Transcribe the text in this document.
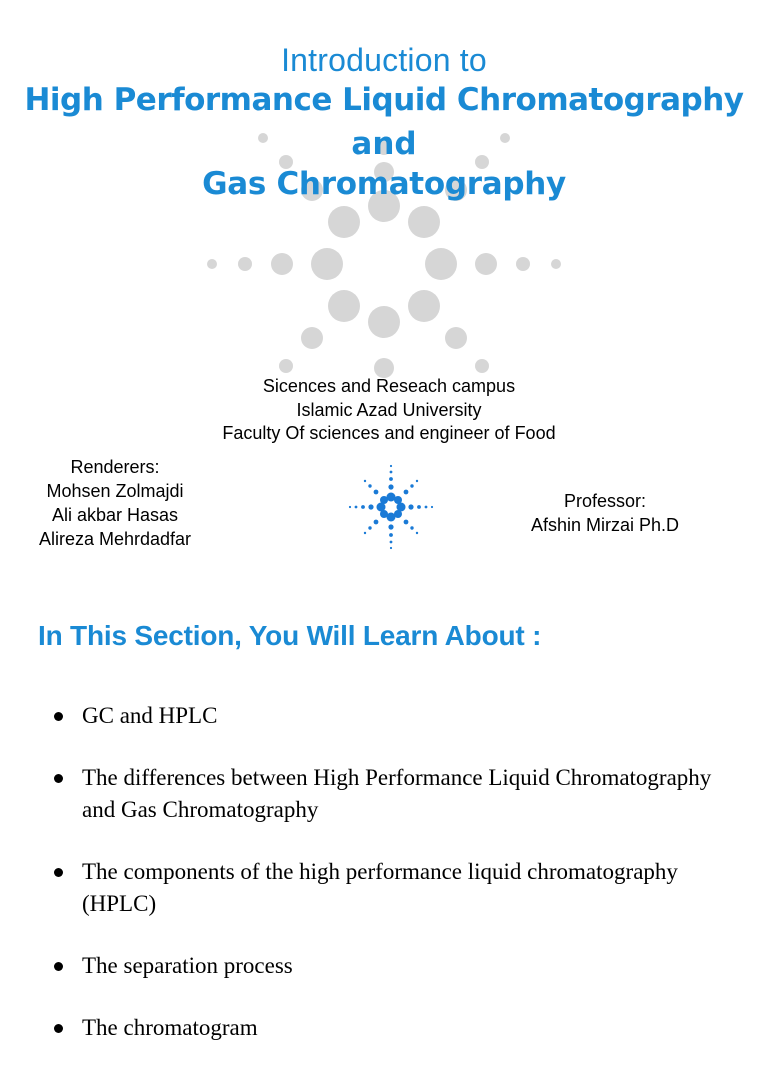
Introduction to
High Performance Liquid Chromatography
and
Gas Chromatography
Sicences and Reseach campus
Islamic Azad University
Faculty Of sciences and engineer of Food
Renderers:
Mohsen Zolmajdi
Ali akbar Hasas
Alireza Mehrdadfar
Professor:
Afshin Mirzai Ph.D
In This Section, You Will Learn About :
GC and HPLC
The differences between High Performance Liquid Chromatography and Gas Chromatography
The components of the high performance liquid chromatography (HPLC)
The separation process
The chromatogram
